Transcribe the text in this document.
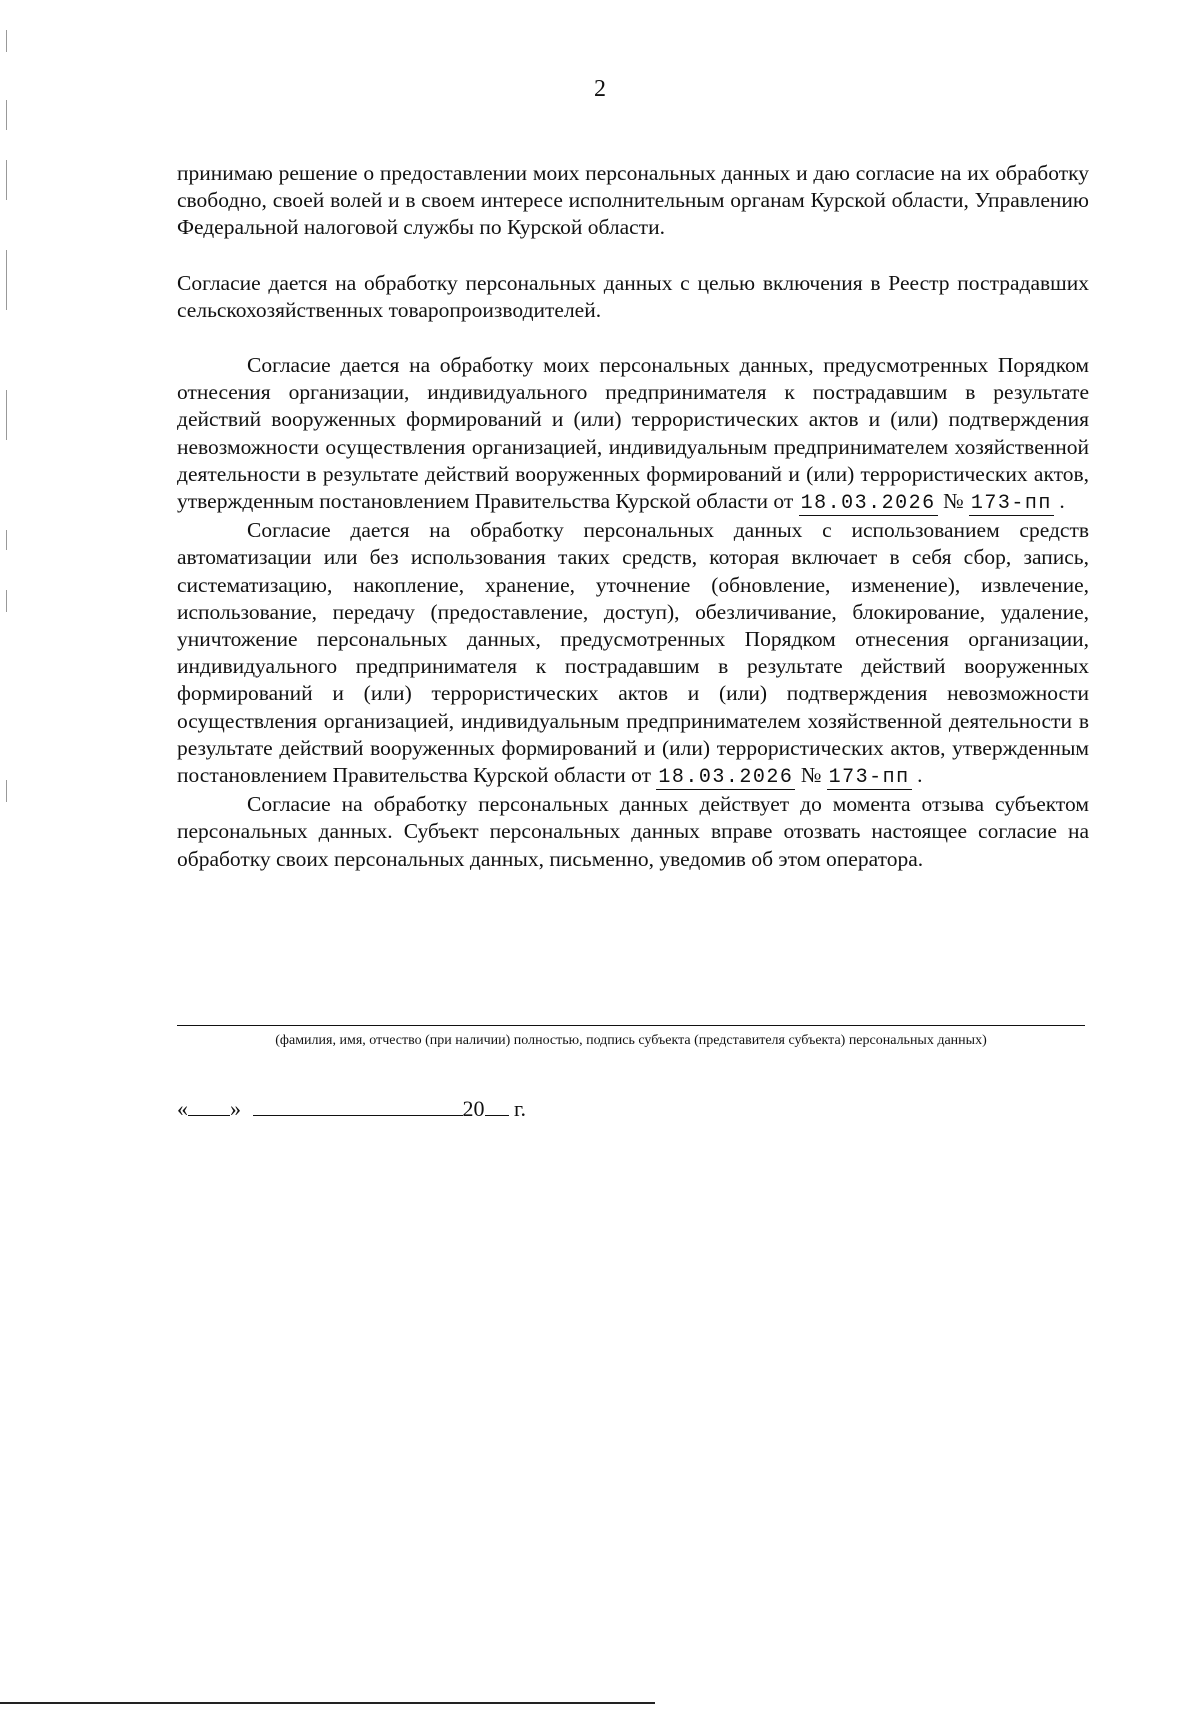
2

принимаю решение о предоставлении моих персональных данных и даю согласие на их обработку свободно, своей волей и в своем интересе исполнительным органам Курской области, Управлению Федеральной налоговой службы по Курской области.

Согласие дается на обработку персональных данных с целью включения в Реестр пострадавших сельскохозяйственных товаропроизводителей.

Согласие дается на обработку моих персональных данных, предусмотренных Порядком отнесения организации, индивидуального предпринимателя к пострадавшим в результате действий вооруженных формирований и (или) террористических актов и (или) подтверждения невозможности осуществления организацией, индивидуальным предпринимателем хозяйственной деятельности в результате действий вооруженных формирований и (или) террористических актов, утвержденным постановлением Правительства Курской области от 18.03.2026 № 173-пп .

Согласие дается на обработку персональных данных с использованием средств автоматизации или без использования таких средств, которая включает в себя сбор, запись, систематизацию, накопление, хранение, уточнение (обновление, изменение), извлечение, использование, передачу (предоставление, доступ), обезличивание, блокирование, удаление, уничтожение персональных данных, предусмотренных Порядком отнесения организации, индивидуального предпринимателя к пострадавшим в результате действий вооруженных формирований и (или) террористических актов и (или) подтверждения невозможности осуществления организацией, индивидуальным предпринимателем хозяйственной деятельности в результате действий вооруженных формирований и (или) террористических актов, утвержденным постановлением Правительства Курской области от 18.03.2026 № 173-пп .

Согласие на обработку персональных данных действует до момента отзыва субъектом персональных данных. Субъект персональных данных вправе отозвать настоящее согласие на обработку своих персональных данных, письменно, уведомив об этом оператора.

(фамилия, имя, отчество (при наличии) полностью, подпись субъекта (представителя субъекта) персональных данных)

« »	20 г.
